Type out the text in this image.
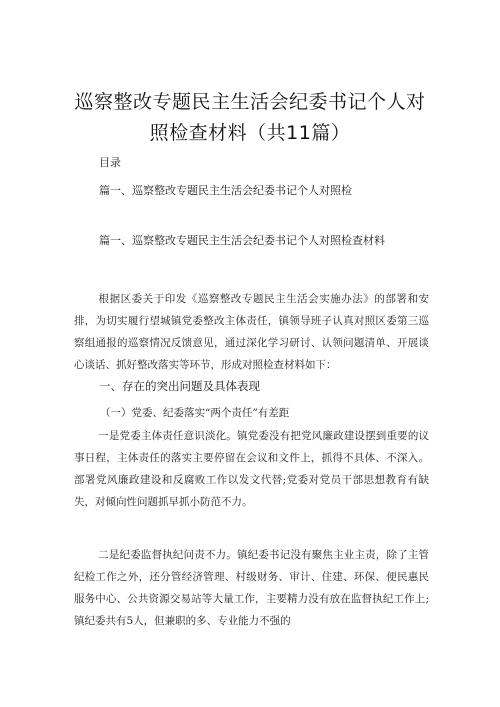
巡察整改专题民主生活会纪委书记个人对
照检查材料（共11篇）
目录
篇一、巡察整改专题民主生活会纪委书记个人对照检
篇一、巡察整改专题民主生活会纪委书记个人对照检查材料

根据区委关于印发《巡察整改专题民主生活会实施办法》的部署和安排，为切实履行望城镇党委整改主体责任，镇领导班子认真对照区委第三巡察组通报的巡察情况反馈意见，通过深化学习研讨、认领问题清单、开展谈心谈话、抓好整改落实等环节，形成对照检查材料如下：

一、存在的突出问题及具体表现
（一）党委、纪委落实“两个责任”有差距

一是党委主体责任意识淡化。镇党委没有把党风廉政建设摆到重要的议事日程，主体责任的落实主要停留在会议和文件上，抓得不具体、不深入。部署党风廉政建设和反腐败工作以发文代替;党委对党员干部思想教育有缺失，对倾向性问题抓早抓小防范不力。

二是纪委监督执纪问责不力。镇纪委书记没有聚焦主业主责，除了主管纪检工作之外，还分管经济管理、村级财务、审计、住建、环保、便民惠民服务中心、公共资源交易站等大量工作，主要精力没有放在监督执纪工作上;镇纪委共有5人，但兼职的多、专业能力不强的
